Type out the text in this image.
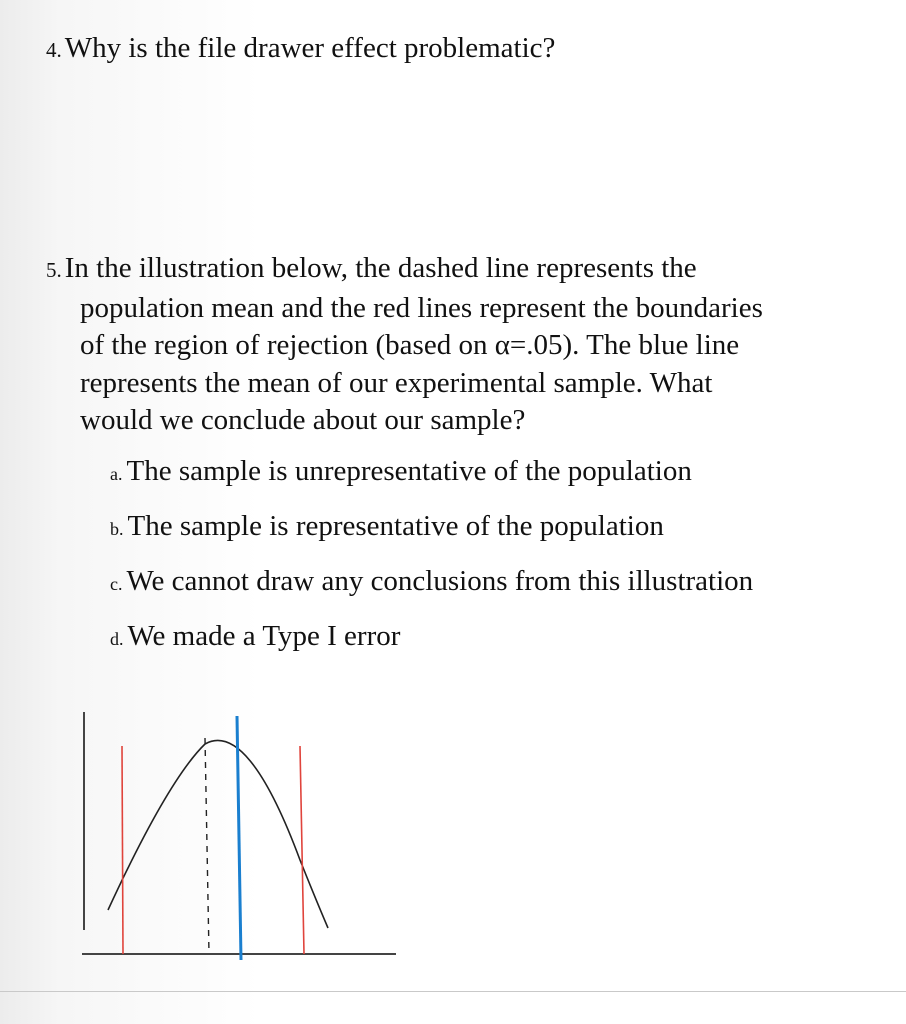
4. Why is the file drawer effect problematic?
5. In the illustration below, the dashed line represents the
population mean and the red lines represent the boundaries
of the region of rejection (based on α=.05). The blue line
represents the mean of our experimental sample. What
would we conclude about our sample?
a. The sample is unrepresentative of the population
b. The sample is representative of the population
c. We cannot draw any conclusions from this illustration
d. We made a Type I error
